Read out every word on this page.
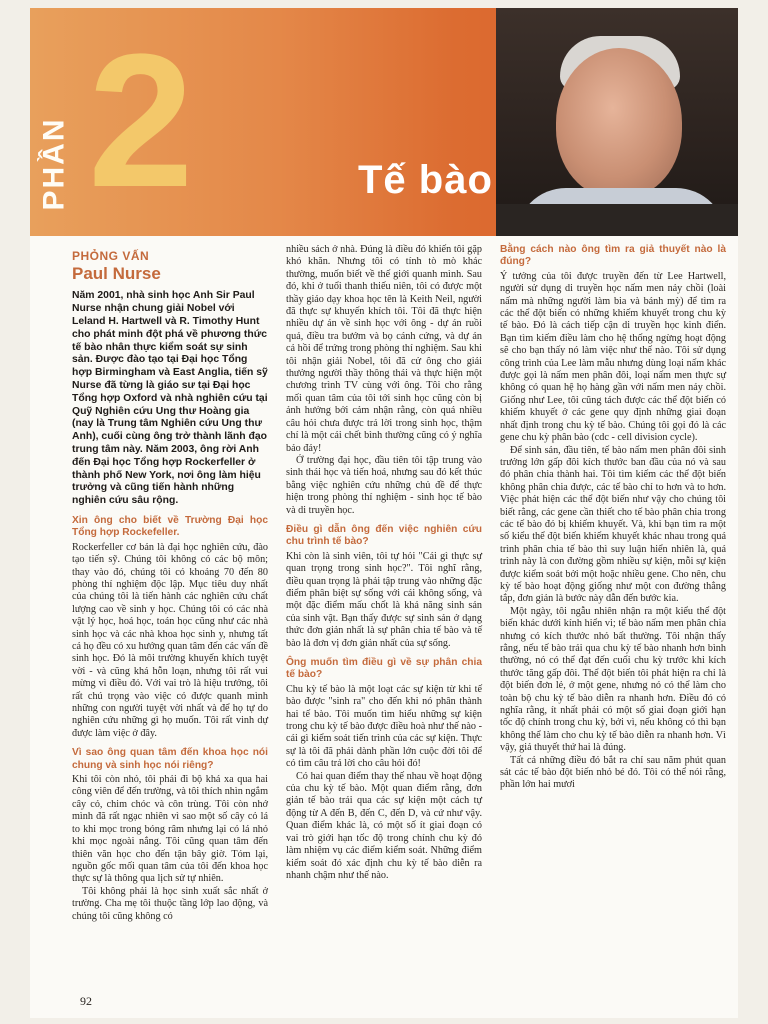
PHẦN 2	Tế bào
PHỎNG VẤN
Paul Nurse
Năm 2001, nhà sinh học Anh Sir Paul Nurse nhận chung giải Nobel với Leland H. Hartwell và R. Timothy Hunt cho phát minh đột phá về phương thức tế bào nhân thực kiểm soát sự sinh sản. Được đào tạo tại Đại học Tổng hợp Birmingham và East Anglia, tiến sỹ Nurse đã từng là giáo sư tại Đại học Tổng hợp Oxford và nhà nghiên cứu tại Quỹ Nghiên cứu Ung thư Hoàng gia (nay là Trung tâm Nghiên cứu Ung thư Anh), cuối cùng ông trở thành lãnh đạo trung tâm này. Năm 2003, ông rời Anh đến Đại học Tổng hợp Rockerfeller ở thành phố New York, nơi ông làm hiệu trưởng và cũng tiến hành những nghiên cứu sâu rộng.
Xin ông cho biết về Trường Đại học Tổng hợp Rockefeller.

Rockerfeller cơ bản là đại học nghiên cứu, đào tạo tiến sỹ. Chúng tôi không có các bộ môn; thay vào đó, chúng tôi có khoảng 70 đến 80 phòng thí nghiệm độc lập. Mục tiêu duy nhất của chúng tôi là tiến hành các nghiên cứu chất lượng cao về sinh y học. Chúng tôi có các nhà vật lý học, hoá học, toán học cũng như các nhà sinh học và các nhà khoa học sinh y, nhưng tất cả họ đều có xu hướng quan tâm đến các vấn đề sinh học. Đó là môi trường khuyến khích tuyệt vời - và cũng khá hỗn loạn, nhưng tôi rất vui mừng vì điều đó. Với vai trò là hiệu trưởng, tôi rất chú trọng vào việc có được quanh mình những con người tuyệt vời nhất và để họ tự do nghiên cứu những gì họ muốn. Tôi rất vinh dự được làm việc ở đây.

Vì sao ông quan tâm đến khoa học nói chung và sinh học nói riêng?

Khi tôi còn nhỏ, tôi phải đi bộ khá xa qua hai công viên để đến trường, và tôi thích nhìn ngắm cây cỏ, chim chóc và côn trùng. Tôi còn nhớ mình đã rất ngạc nhiên vì sao một số cây cỏ lá to khi mọc trong bóng râm nhưng lại có lá nhỏ khi mọc ngoài nắng. Tôi cũng quan tâm đến thiên văn học cho đến tận bây giờ. Tóm lại, nguồn gốc mối quan tâm của tôi đến khoa học thực sự là thông qua lịch sử tự nhiên.

Tôi không phải là học sinh xuất sắc nhất ở trường. Cha mẹ tôi thuộc tầng lớp lao động, và chúng tôi cũng không có

nhiều sách ở nhà. Đúng là điều đó khiến tôi gặp khó khăn. Nhưng tôi có tính tò mò khác thường, muốn biết về thế giới quanh mình. Sau đó, khi ở tuổi thanh thiếu niên, tôi có được một thầy giáo dạy khoa học tên là Keith Neil, người đã thực sự khuyến khích tôi. Tôi đã thực hiện nhiều dự án về sinh học với ông - dự án ruồi quả, điều tra bướm và bọ cánh cứng, và dự án cả hồi để trứng trong phòng thí nghiệm. Sau khi tôi nhận giải Nobel, tôi đã cử ông cho giải thưởng người thầy thông thái và thực hiện một chương trình TV cùng với ông. Tôi cho rằng mối quan tâm của tôi tới sinh học cũng còn bị ảnh hưởng bởi cảm nhận rằng, còn quá nhiều câu hỏi chưa được trả lời trong sinh học, thậm chí là một cái chết bình thường cũng có ý nghĩa bảo đảy!

Ở trường đại học, đầu tiên tôi tập trung vào sinh thái học và tiến hoá, nhưng sau đó kết thúc bằng việc nghiên cứu những chủ đề để thực hiện trong phòng thí nghiệm - sinh học tế bào và di truyền học.

Điều gì dẫn ông đến việc nghiên cứu chu trình tế bào?

Khi còn là sinh viên, tôi tự hỏi "Cái gì thực sự quan trọng trong sinh học?". Tôi nghĩ rằng, điều quan trọng là phải tập trung vào những đặc điểm phân biệt sự sống với cái không sống, và một đặc điểm mấu chốt là khả năng sinh sản của sinh vật. Bạn thấy được sự sinh sản ở dạng thức đơn giản nhất là sự phân chia tế bào và tế bào là đơn vị đơn giản nhất của sự sống.

Ông muốn tìm điều gì về sự phân chia tế bào?

Chu kỳ tế bào là một loạt các sự kiện từ khi tế bào được "sinh ra" cho đến khi nó phân thành hai tế bào. Tôi muốn tìm hiểu những sự kiện trong chu kỳ tế bào được điều hoà như thế nào - cái gì kiểm soát tiến trình của các sự kiện. Thực sự là tôi đã phải dành phần lớn cuộc đời tôi để có tìm câu trả lời cho câu hỏi đó!

Có hai quan điểm thay thế nhau về hoạt động của chu kỳ tế bào. Một quan điểm rằng, đơn giản tế bào trải qua các sự kiện một cách tự động từ A đến B, đến C, đến D, và cứ như vậy. Quan điểm khác là, có một số ít giai đoạn có vai trò giới hạn tốc độ trong chính chu kỳ đó làm nhiệm vụ các điểm kiểm soát. Những điểm kiểm soát đó xác định chu kỳ tế bào diễn ra nhanh chậm như thế nào.

Bằng cách nào ông tìm ra giả thuyết nào là đúng?

Ý tưởng của tôi được truyền đến từ Lee Hartwell, người sử dụng di truyền học nấm men nảy chồi (loài nấm mà những người làm bia và bánh mỳ) để tìm ra các thể đột biến có những khiếm khuyết trong chu kỳ tế bào. Đó là cách tiếp cận di truyền học kinh điển. Bạn tìm kiếm điều làm cho hệ thống ngừng hoạt động sẽ cho bạn thấy nó làm việc như thế nào. Tôi sử dụng công trình của Lee làm mẫu nhưng dùng loại nấm khác được gọi là nấm men phân đôi, loại nấm men thực sự không có quan hệ họ hàng gần với nấm men nảy chồi. Giống như Lee, tôi cũng tách được các thể đột biến có khiếm khuyết ở các gene quy định những giai đoạn nhất định trong chu kỳ tế bào. Chúng tôi gọi đó là các gene chu kỳ phân bào (cdc - cell division cycle).

Để sinh sản, đầu tiên, tế bào nấm men phân đôi sinh trưởng lớn gấp đôi kích thước ban đầu của nó và sau đó phân chia thành hai. Tôi tìm kiếm các thể đột biến không phân chia được, các tế bào chỉ to hơn và to hơn. Việc phát hiện các thể đột biến như vậy cho chúng tôi biết rằng, các gene cần thiết cho tế bào phân chia trong các tế bào đó bị khiếm khuyết. Và, khi bạn tìm ra một số kiểu thể đột biến khiếm khuyết khác nhau trong quá trình phân chia tế bào thì suy luận hiển nhiên là, quá trình này là con đường gồm nhiều sự kiện, mỗi sự kiện được kiểm soát bởi một hoặc nhiều gene. Cho nên, chu kỳ tế bào hoạt động giống như một con đường thẳng tắp, đơn giản là bước này dẫn đến bước kia.

Một ngày, tôi ngẫu nhiên nhận ra một kiểu thể đột biến khác dưới kính hiển vi; tế bào nấm men phân chia nhưng có kích thước nhỏ bất thường. Tôi nhận thấy rằng, nếu tế bào trải qua chu kỳ tế bào nhanh hơn bình thường, nó có thể đạt đến cuối chu kỳ trước khi kích thước tăng gấp đôi. Thể đột biến tôi phát hiện ra chỉ là đột biến đơn lẻ, ở một gene, nhưng nó có thể làm cho toàn bộ chu kỳ tế bào diễn ra nhanh hơn. Điều đó có nghĩa rằng, ít nhất phải có một số giai đoạn giới hạn tốc độ chính trong chu kỳ, bởi vì, nếu không có thì bạn không thể làm cho chu kỳ tế bào diễn ra nhanh hơn. Vì vậy, giả thuyết thứ hai là đúng.

Tất cả những điều đó bắt ra chỉ sau năm phút quan sát các tế bào đột biến nhỏ bé đó. Tôi có thể nói rằng, phần lớn hai mươi

92
